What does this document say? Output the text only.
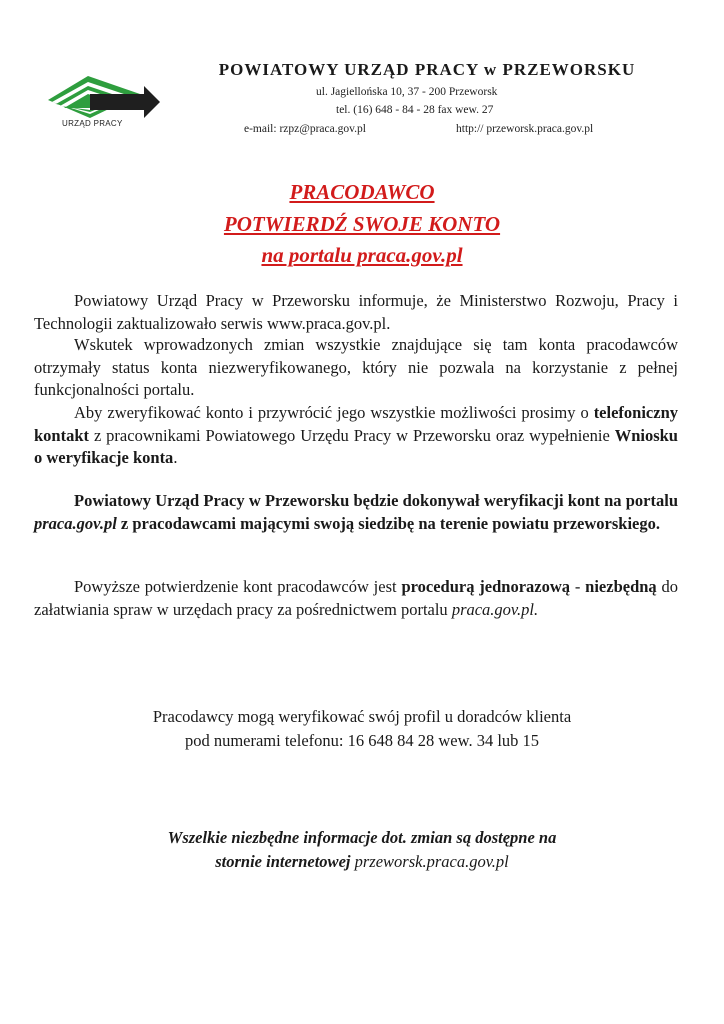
URZĄD PRACY
POWIATOWY URZĄD PRACY w PRZEWORSKU
ul. Jagiellońska 10, 37 - 200 Przeworsk
tel. (16) 648 - 84 - 28 fax wew. 27
e-mail: rzpz@praca.gov.pl	http:// przeworsk.praca.gov.pl
PRACODAWCO
POTWIERDŹ SWOJE KONTO
na portalu praca.gov.pl
Powiatowy Urząd Pracy w Przeworsku informuje, że Ministerstwo Rozwoju, Pracy i Technologii zaktualizowało serwis www.praca.gov.pl.
Wskutek wprowadzonych zmian wszystkie znajdujące się tam konta pracodawców otrzymały status konta niezweryfikowanego, który nie pozwala na korzystanie z pełnej funkcjonalności portalu.
Aby zweryfikować konto i przywrócić jego wszystkie możliwości prosimy o telefoniczny kontakt z pracownikami Powiatowego Urzędu Pracy w Przeworsku oraz wypełnienie Wniosku o weryfikacje konta.
Powiatowy Urząd Pracy w Przeworsku będzie dokonywał weryfikacji kont na portalu praca.gov.pl z pracodawcami mającymi swoją siedzibę na terenie powiatu przeworskiego.
Powyższe potwierdzenie kont pracodawców jest procedurą jednorazową - niezbędną do załatwiania spraw w urzędach pracy za pośrednictwem portalu praca.gov.pl.
Pracodawcy mogą weryfikować swój profil u doradców klienta
pod numerami telefonu: 16 648 84 28 wew. 34 lub 15
Wszelkie niezbędne informacje dot. zmian są dostępne na
stornie internetowej przeworsk.praca.gov.pl
